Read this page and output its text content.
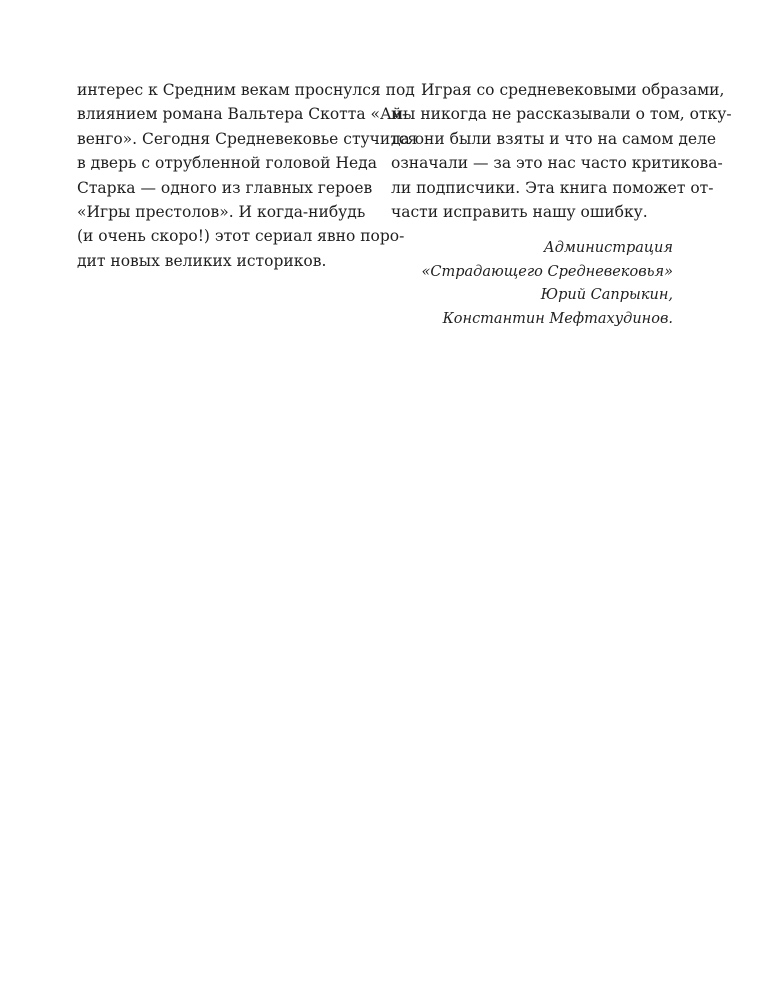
интерес к Средним векам проснулся под
влиянием романа Вальтера Скотта «Ай-
венго». Сегодня Средневековье стучится
в дверь с отрубленной головой Неда
Старка — одного из главных героев
«Игры престолов». И когда-нибудь
(и очень скоро!) этот сериал явно поро-
дит новых великих историков.
Играя со средневековыми образами,
мы никогда не рассказывали о том, отку-
да они были взяты и что на самом деле
означали — за это нас часто критикова-
ли подписчики. Эта книга поможет от-
части исправить нашу ошибку.
Администрация
«Страдающего Средневековья»
Юрий Сапрыкин,
Константин Мефтахудинов.
